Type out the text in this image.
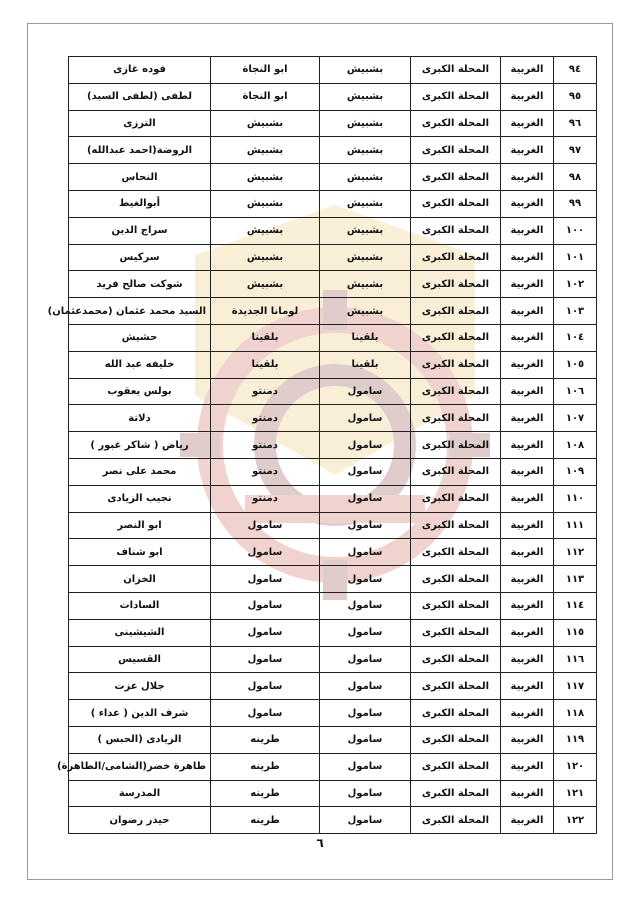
٩٤	الغربية	المحلة الكبرى	بشبيش	ابو النجاة	فوده غازى
٩٥	الغربية	المحلة الكبرى	بشبيش	ابو النجاة	لطفى (لطفى السيد)
٩٦	الغربية	المحلة الكبرى	بشبيش	بشبيش	الترزى
٩٧	الغربية	المحلة الكبرى	بشبيش	بشبيش	الروضة(احمد عبدالله)
٩٨	الغربية	المحلة الكبرى	بشبيش	بشبيش	النحاس
٩٩	الغربية	المحلة الكبرى	بشبيش	بشبيش	أبوالغيط
١٠٠	الغربية	المحلة الكبرى	بشبيش	بشبيش	سراج الدين
١٠١	الغربية	المحلة الكبرى	بشبيش	بشبيش	سركيس
١٠٢	الغربية	المحلة الكبرى	بشبيش	بشبيش	شوكت صالح فريد
١٠٣	الغربية	المحلة الكبرى	بشبيش	لومانا الجديدة	السيد محمد عثمان (محمدعثمان)
١٠٤	الغربية	المحلة الكبرى	بلقينا	بلقينا	حشيش
١٠٥	الغربية	المحلة الكبرى	بلقينا	بلقينا	خليفه عبد الله
١٠٦	الغربية	المحلة الكبرى	سامول	دمنتو	بولس يعقوب
١٠٧	الغربية	المحلة الكبرى	سامول	دمنتو	دلاتة
١٠٨	الغربية	المحلة الكبرى	سامول	دمنتو	رياض ( شاكر غبور )
١٠٩	الغربية	المحلة الكبرى	سامول	دمنتو	محمد على نصر
١١٠	الغربية	المحلة الكبرى	سامول	دمنتو	نجيب الزيادى
١١١	الغربية	المحلة الكبرى	سامول	سامول	ابو النصر
١١٢	الغربية	المحلة الكبرى	سامول	سامول	ابو شناف
١١٣	الغربية	المحلة الكبرى	سامول	سامول	الخزان
١١٤	الغربية	المحلة الكبرى	سامول	سامول	السادات
١١٥	الغربية	المحلة الكبرى	سامول	سامول	الشيشينى
١١٦	الغربية	المحلة الكبرى	سامول	سامول	القسيس
١١٧	الغربية	المحلة الكبرى	سامول	سامول	جلال عزت
١١٨	الغربية	المحلة الكبرى	سامول	سامول	شرف الدين ( عداء )
١١٩	الغربية	المحلة الكبرى	سامول	طرينه	الزيادى (الحبس )
١٢٠	الغربية	المحلة الكبرى	سامول	طرينه	طاهرة خضر(الشامى/الطاهرة)
١٢١	الغربية	المحلة الكبرى	سامول	طرينه	المدرسة
١٢٢	الغربية	المحلة الكبرى	سامول	طرينه	حيدر رضوان
٦
